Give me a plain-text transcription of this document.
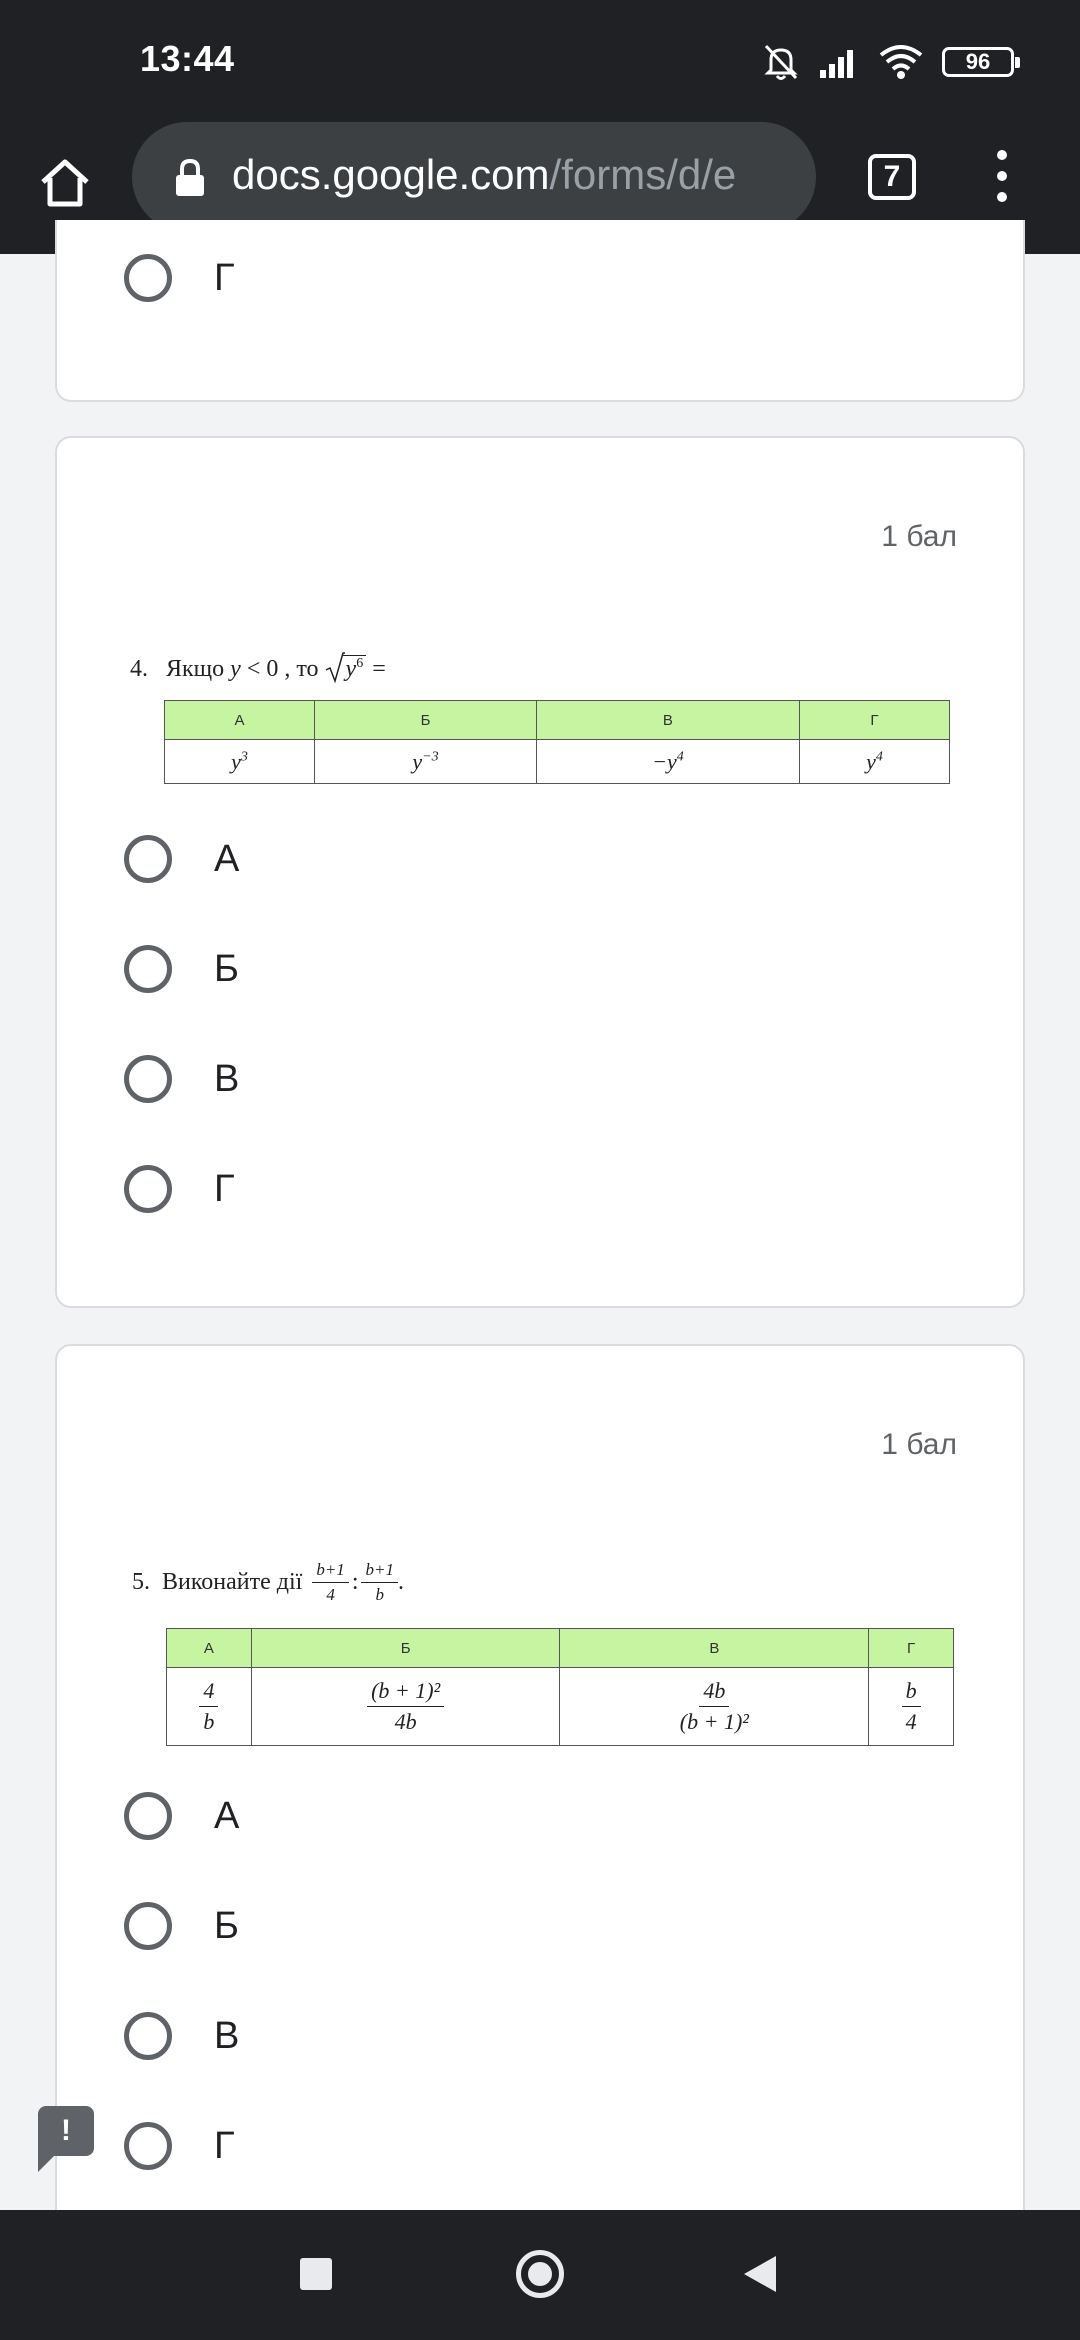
13:44	96
docs.google.com/forms/d/e	7
Г
1 бал
4. Якщо y < 0 , то $y^6$ =
А	Б	В	Г
$y^3$	$y^{-3}$	$-y^4$	$y^4$
А
Б
В
Г
1 бал
5. Виконайте дії $\frac{b+1}{4}$ : $\frac{b+1}{b}$ .
А	Б	В	Г

$\frac{4}{b}$	$\frac{\text{(b + 1)²}}{4b}$	$\frac{4b}{\text{(b + 1)²}}$	$\frac{b}{4}$
А
Б
В
Г
!
